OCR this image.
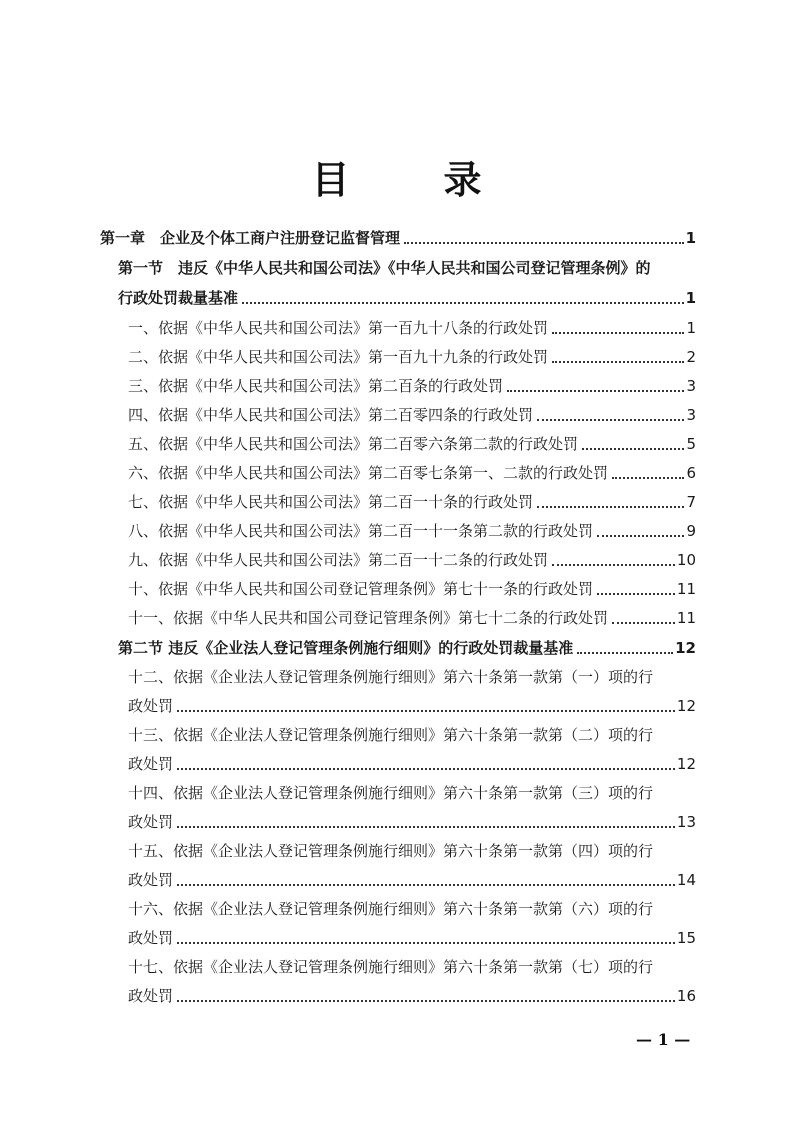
目　录
第一章　企业及个体工商户注册登记监督管理	1
第一节　违反《中华人民共和国公司法》《中华人民共和国公司登记管理条例》的
行政处罚裁量基准	1
一、依据《中华人民共和国公司法》第一百九十八条的行政处罚	1
二、依据《中华人民共和国公司法》第一百九十九条的行政处罚	2
三、依据《中华人民共和国公司法》第二百条的行政处罚	3
四、依据《中华人民共和国公司法》第二百零四条的行政处罚	3
五、依据《中华人民共和国公司法》第二百零六条第二款的行政处罚	5
六、依据《中华人民共和国公司法》第二百零七条第一、二款的行政处罚	6
七、依据《中华人民共和国公司法》第二百一十条的行政处罚	7
八、依据《中华人民共和国公司法》第二百一十一条第二款的行政处罚	9
九、依据《中华人民共和国公司法》第二百一十二条的行政处罚	10
十、依据《中华人民共和国公司登记管理条例》第七十一条的行政处罚	11
十一、依据《中华人民共和国公司登记管理条例》第七十二条的行政处罚	11
第二节 违反《企业法人登记管理条例施行细则》的行政处罚裁量基准	12
十二、依据《企业法人登记管理条例施行细则》第六十条第一款第（一）项的行
政处罚	12
十三、依据《企业法人登记管理条例施行细则》第六十条第一款第（二）项的行
政处罚	12
十四、依据《企业法人登记管理条例施行细则》第六十条第一款第（三）项的行
政处罚	13
十五、依据《企业法人登记管理条例施行细则》第六十条第一款第（四）项的行
政处罚	14
十六、依据《企业法人登记管理条例施行细则》第六十条第一款第（六）项的行
政处罚	15
十七、依据《企业法人登记管理条例施行细则》第六十条第一款第（七）项的行
政处罚	16
— 1 —
